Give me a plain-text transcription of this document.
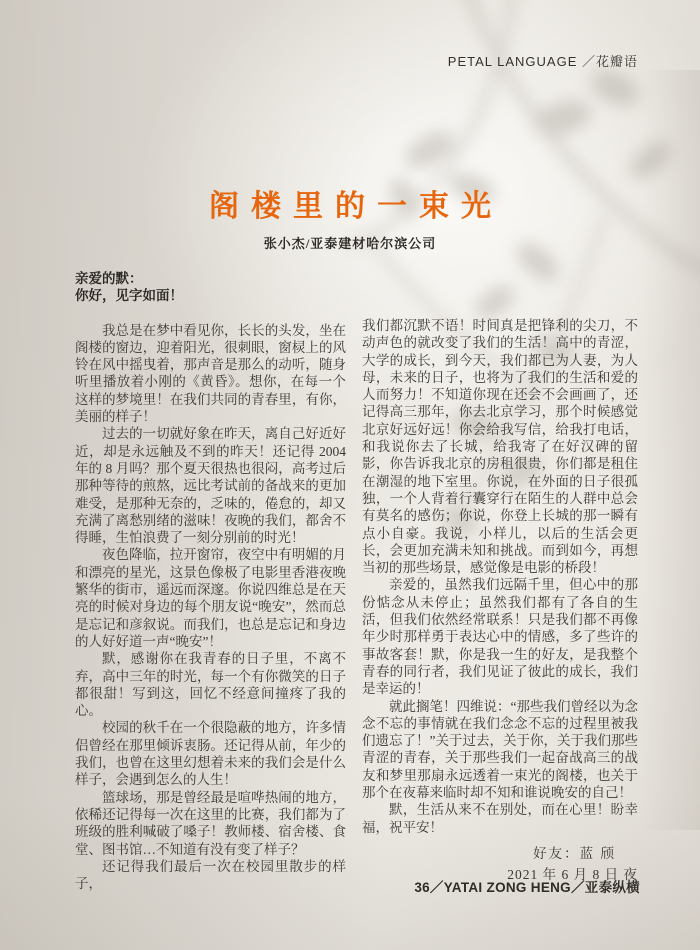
PETAL LANGUAGE ／花瓣语
阁楼里的一束光
张小杰/亚泰建材哈尔滨公司

亲爱的默：

你好，见字如面！

我总是在梦中看见你，长长的头发，坐在阁楼的窗边，迎着阳光，很刺眼，窗棂上的风铃在风中摇曳着，那声音是那么的动听，随身听里播放着小刚的《黄昏》。想你，在每一个这样的梦境里！在我们共同的青春里，有你，美丽的样子！

过去的一切就好象在昨天，离自己好近好近，却是永远触及不到的昨天！还记得 2004 年的 8 月吗？那个夏天很热也很闷，高考过后那种等待的煎熬，远比考试前的备战来的更加难受，是那种无奈的，乏味的，倦怠的，却又充满了离愁别绪的滋味！夜晚的我们，都舍不得睡，生怕浪费了一刻分别前的时光！

夜色降临，拉开窗帘，夜空中有明媚的月和漂亮的星光，这景色像极了电影里香港夜晚繁华的街市，遥远而深邃。你说四维总是在天亮的时候对身边的每个朋友说“晚安”，然而总是忘记和彦叙说。而我们，也总是忘记和身边的人好好道一声“晚安”！

默，感谢你在我青春的日子里，不离不弃，高中三年的时光，每一个有你微笑的日子都很甜！写到这，回忆不经意间撞疼了我的心。

校园的秋千在一个很隐蔽的地方，许多情侣曾经在那里倾诉衷肠。还记得从前，年少的我们，也曾在这里幻想着未来的我们会是什么样子，会遇到怎么的人生！

篮球场，那是曾经最是喧哗热闹的地方，依稀还记得每一次在这里的比赛，我们都为了班级的胜利喊破了嗓子！教师楼、宿舍楼、食堂、图书馆…不知道有没有变了样子？

还记得我们最后一次在校园里散步的样子，

我们都沉默不语！时间真是把锋利的尖刀，不动声色的就改变了我们的生活！高中的青涩，大学的成长，到今天，我们都已为人妻，为人母，未来的日子，也将为了我们的生活和爱的人而努力！不知道你现在还会不会画画了，还记得高三那年，你去北京学习，那个时候感觉北京好远好远！你会给我写信，给我打电话，和我说你去了长城，给我寄了在好汉碑的留影，你告诉我北京的房租很贵，你们都是租住在潮湿的地下室里。你说，在外面的日子很孤独，一个人背着行囊穿行在陌生的人群中总会有莫名的感伤；你说，你登上长城的那一瞬有点小自豪。我说，小样儿，以后的生活会更长，会更加充满未知和挑战。而到如今，再想当初的那些场景，感觉像是电影的桥段！

亲爱的，虽然我们远隔千里，但心中的那份惦念从未停止；虽然我们都有了各自的生活，但我们依然经常联系！只是我们都不再像年少时那样勇于表达心中的情感，多了些许的事故客套！默，你是我一生的好友，是我整个青春的同行者，我们见证了彼此的成长，我们是幸运的！

就此搁笔！四维说：“那些我们曾经以为念念不忘的事情就在我们念念不忘的过程里被我们遗忘了！”关于过去，关于你，关于我们那些青涩的青春，关于那些我们一起奋战高三的战友和梦里那扇永远透着一束光的阁楼，也关于那个在夜幕来临时却不知和谁说晚安的自己！

默，生活从来不在别处，而在心里！盼幸福，祝平安！

好友：蓝 颀

2021 年 6 月 8 日 夜

36／YATAI ZONG HENG／亚泰纵横
